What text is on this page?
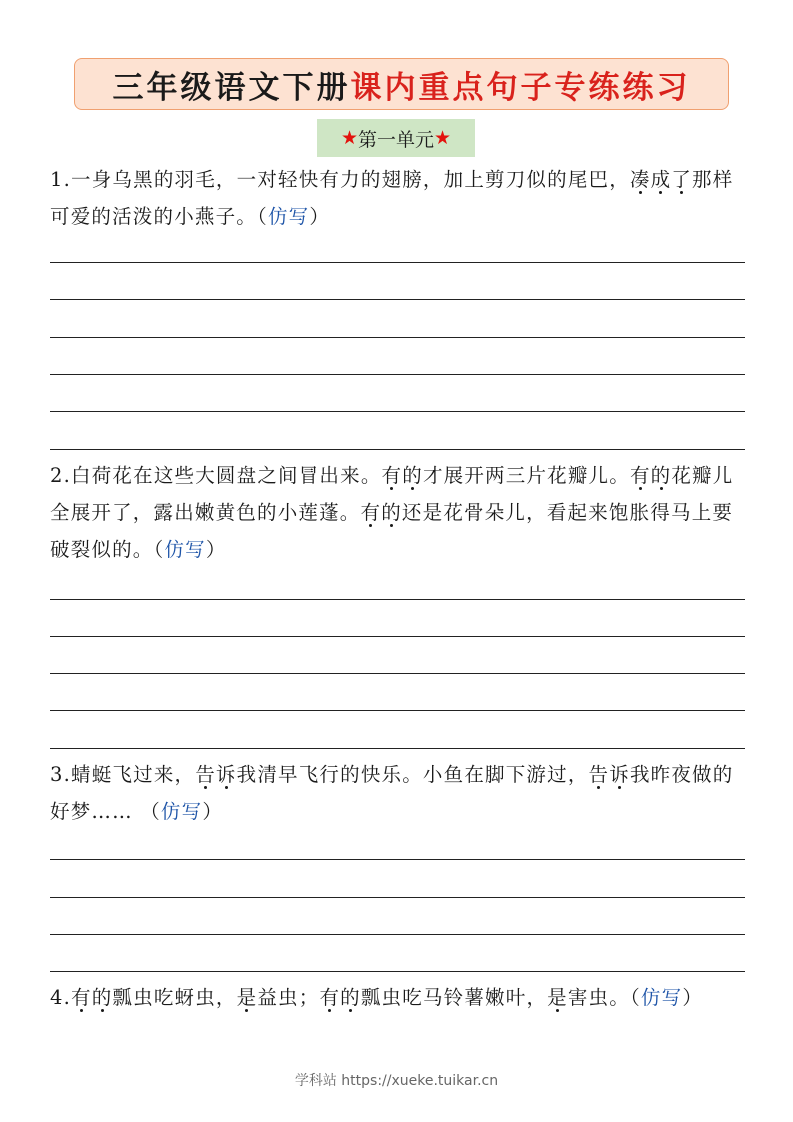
三年级语文下册课内重点句子专练练习
★ 第一单元 ★

1.一身乌黑的羽毛，一对轻快有力的翅膀，加上剪刀似的尾巴，凑成了那样可爱的活泼的小燕子。（仿写）

2.白荷花在这些大圆盘之间冒出来。有的才展开两三片花瓣儿。有的花瓣儿全展开了，露出嫩黄色的小莲蓬。有的还是花骨朵儿，看起来饱胀得马上要破裂似的。（仿写）

3.蜻蜓飞过来，告诉我清早飞行的快乐。小鱼在脚下游过，告诉我昨夜做的好梦…… （仿写）

4.有的瓢虫吃蚜虫，是益虫；有的瓢虫吃马铃薯嫩叶，是害虫。（仿写）

学科站 https://xueke.tuikar.cn
